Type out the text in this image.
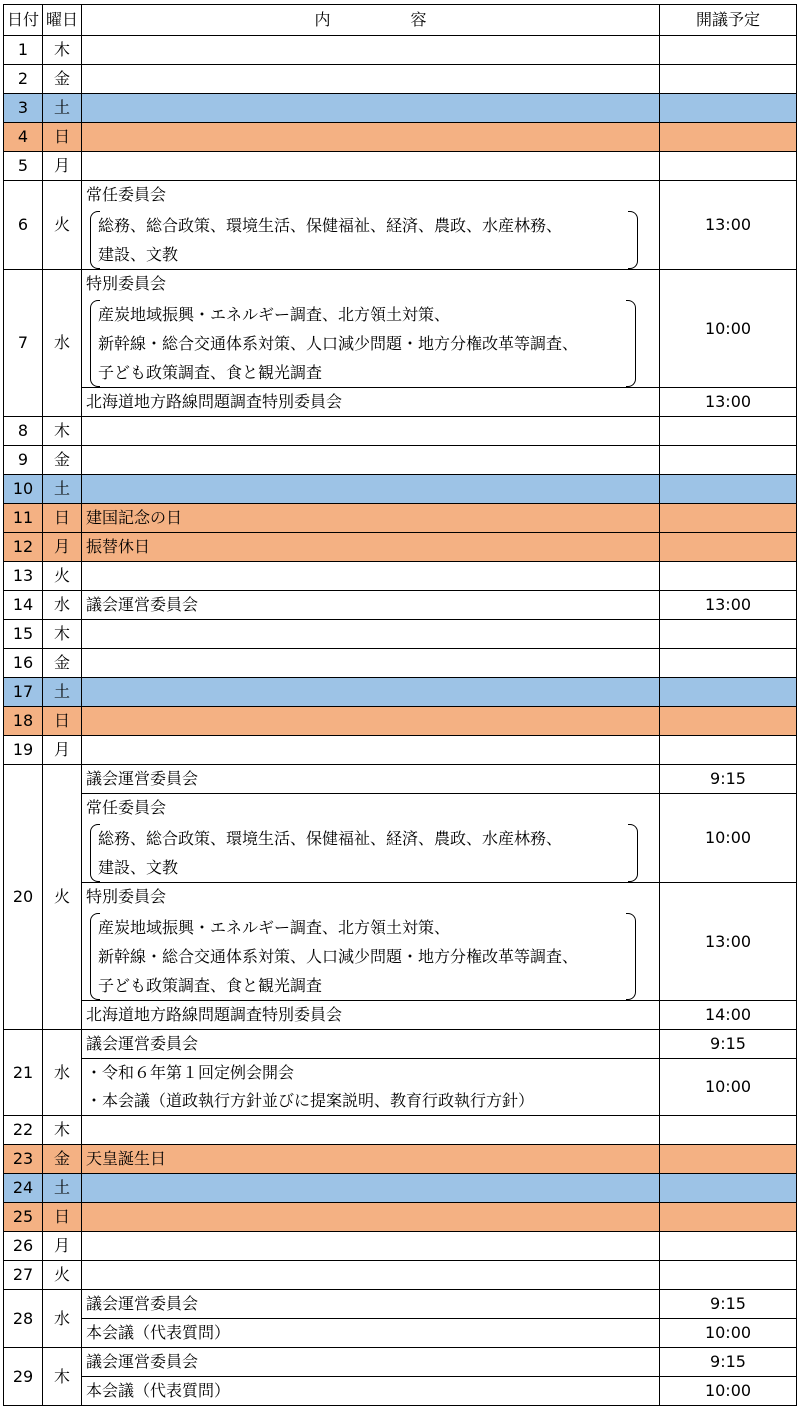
日付	曜日	内　　　　　容	開議予定
1	木		
2	金		
3	土		
4	日		
5	月		
6	火	常任委員会
総務、総合政策、環境生活、保健福祉、経済、農政、水産林務、
建設、文教	13:00
7	水	特別委員会
産炭地域振興・エネルギー調査、北方領土対策、
新幹線・総合交通体系対策、人口減少問題・地方分権改革等調査、
子ども政策調査、食と観光調査	10:00
		北海道地方路線問題調査特別委員会	13:00
8	木		
9	金		
10	土		
11	日	建国記念の日	
12	月	振替休日	
13	火		
14	水	議会運営委員会	13:00
15	木		
16	金		
17	土		
18	日		
19	月		
20	火	議会運営委員会	9:15

		常任委員会
総務、総合政策、環境生活、保健福祉、経済、農政、水産林務、
建設、文教	10:00

		特別委員会
産炭地域振興・エネルギー調査、北方領土対策、
新幹線・総合交通体系対策、人口減少問題・地方分権改革等調査、
子ども政策調査、食と観光調査	13:00
		北海道地方路線問題調査特別委員会	14:00
21	水	議会運営委員会	9:15

		・令和６年第１回定例会開会
・本会議（道政執行方針並びに提案説明、教育行政執行方針）	10:00
22	木		
23	金	天皇誕生日	
24	土		
25	日		
26	月		
27	火		
28	水	議会運営委員会	9:15
		本会議（代表質問）	10:00
29	木	議会運営委員会	9:15
		本会議（代表質問）	10:00
